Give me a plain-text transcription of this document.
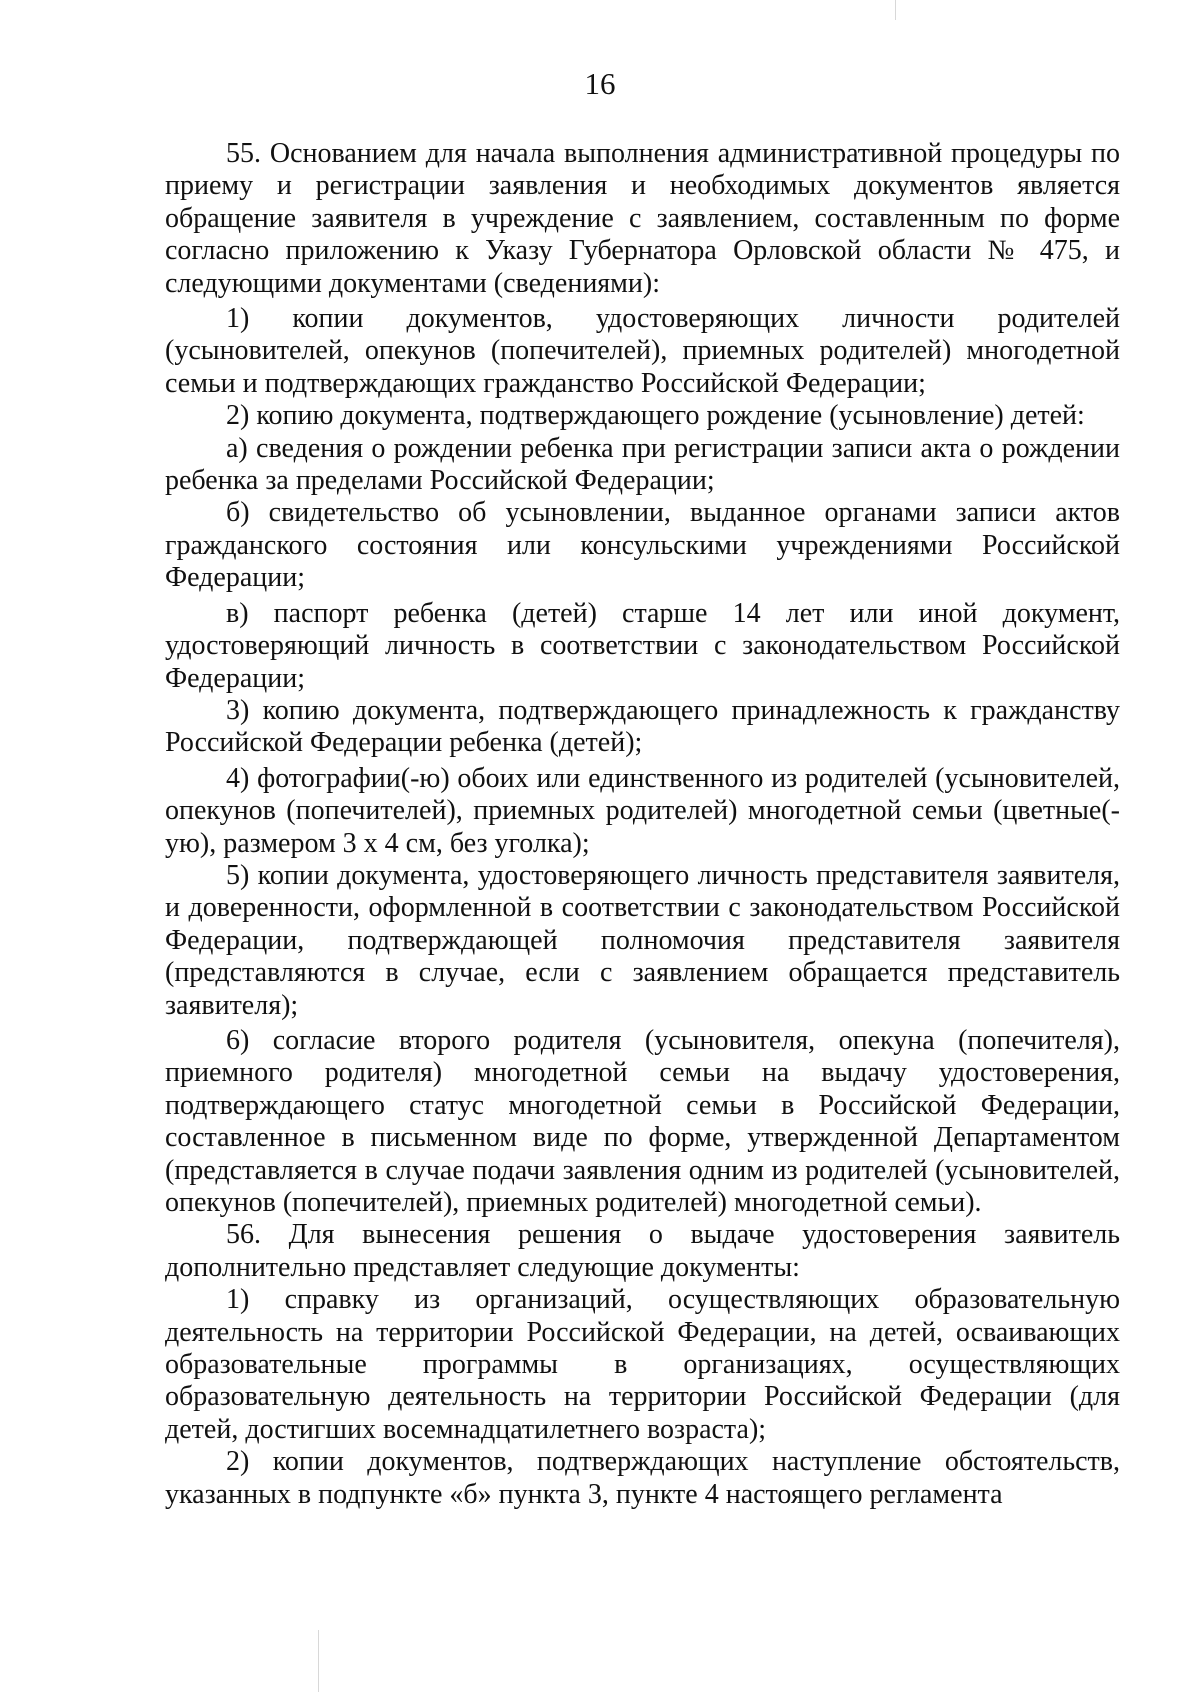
16

55. Основанием для начала выполнения административной процедуры по приему и регистрации заявления и необходимых документов является обращение заявителя в учреждение с заявлением, составленным по форме согласно приложению к Указу Губернатора Орловской области № 475, и следующими документами (сведениями):

1) копии документов, удостоверяющих личности родителей (усыновителей, опекунов (попечителей), приемных родителей) многодетной семьи и подтверждающих гражданство Российской Федерации;

2) копию документа, подтверждающего рождение (усыновление) детей:

а) сведения о рождении ребенка при регистрации записи акта о рождении ребенка за пределами Российской Федерации;

б) свидетельство об усыновлении, выданное органами записи актов гражданского состояния или консульскими учреждениями Российской Федерации;

в) паспорт ребенка (детей) старше 14 лет или иной документ, удостоверяющий личность в соответствии с законодательством Российской Федерации;

3) копию документа, подтверждающего принадлежность к гражданству Российской Федерации ребенка (детей);

4) фотографии(-ю) обоих или единственного из родителей (усыновителей, опекунов (попечителей), приемных родителей) многодетной семьи (цветные(-ую), размером 3 х 4 см, без уголка);

5) копии документа, удостоверяющего личность представителя заявителя, и доверенности, оформленной в соответствии с законодательством Российской Федерации, подтверждающей полномочия представителя заявителя (представляются в случае, если с заявлением обращается представитель заявителя);

6) согласие второго родителя (усыновителя, опекуна (попечителя), приемного родителя) многодетной семьи на выдачу удостоверения, подтверждающего статус многодетной семьи в Российской Федерации, составленное в письменном виде по форме, утвержденной Департаментом (представляется в случае подачи заявления одним из родителей (усыновителей, опекунов (попечителей), приемных родителей) многодетной семьи).

56. Для вынесения решения о выдаче удостоверения заявитель дополнительно представляет следующие документы:

1) справку из организаций, осуществляющих образовательную деятельность на территории Российской Федерации, на детей, осваивающих образовательные программы в организациях, осуществляющих образовательную деятельность на территории Российской Федерации (для детей, достигших восемнадцатилетнего возраста);

2) копии документов, подтверждающих наступление обстоятельств, указанных в подпункте «б» пункта 3, пункте 4 настоящего регламента
